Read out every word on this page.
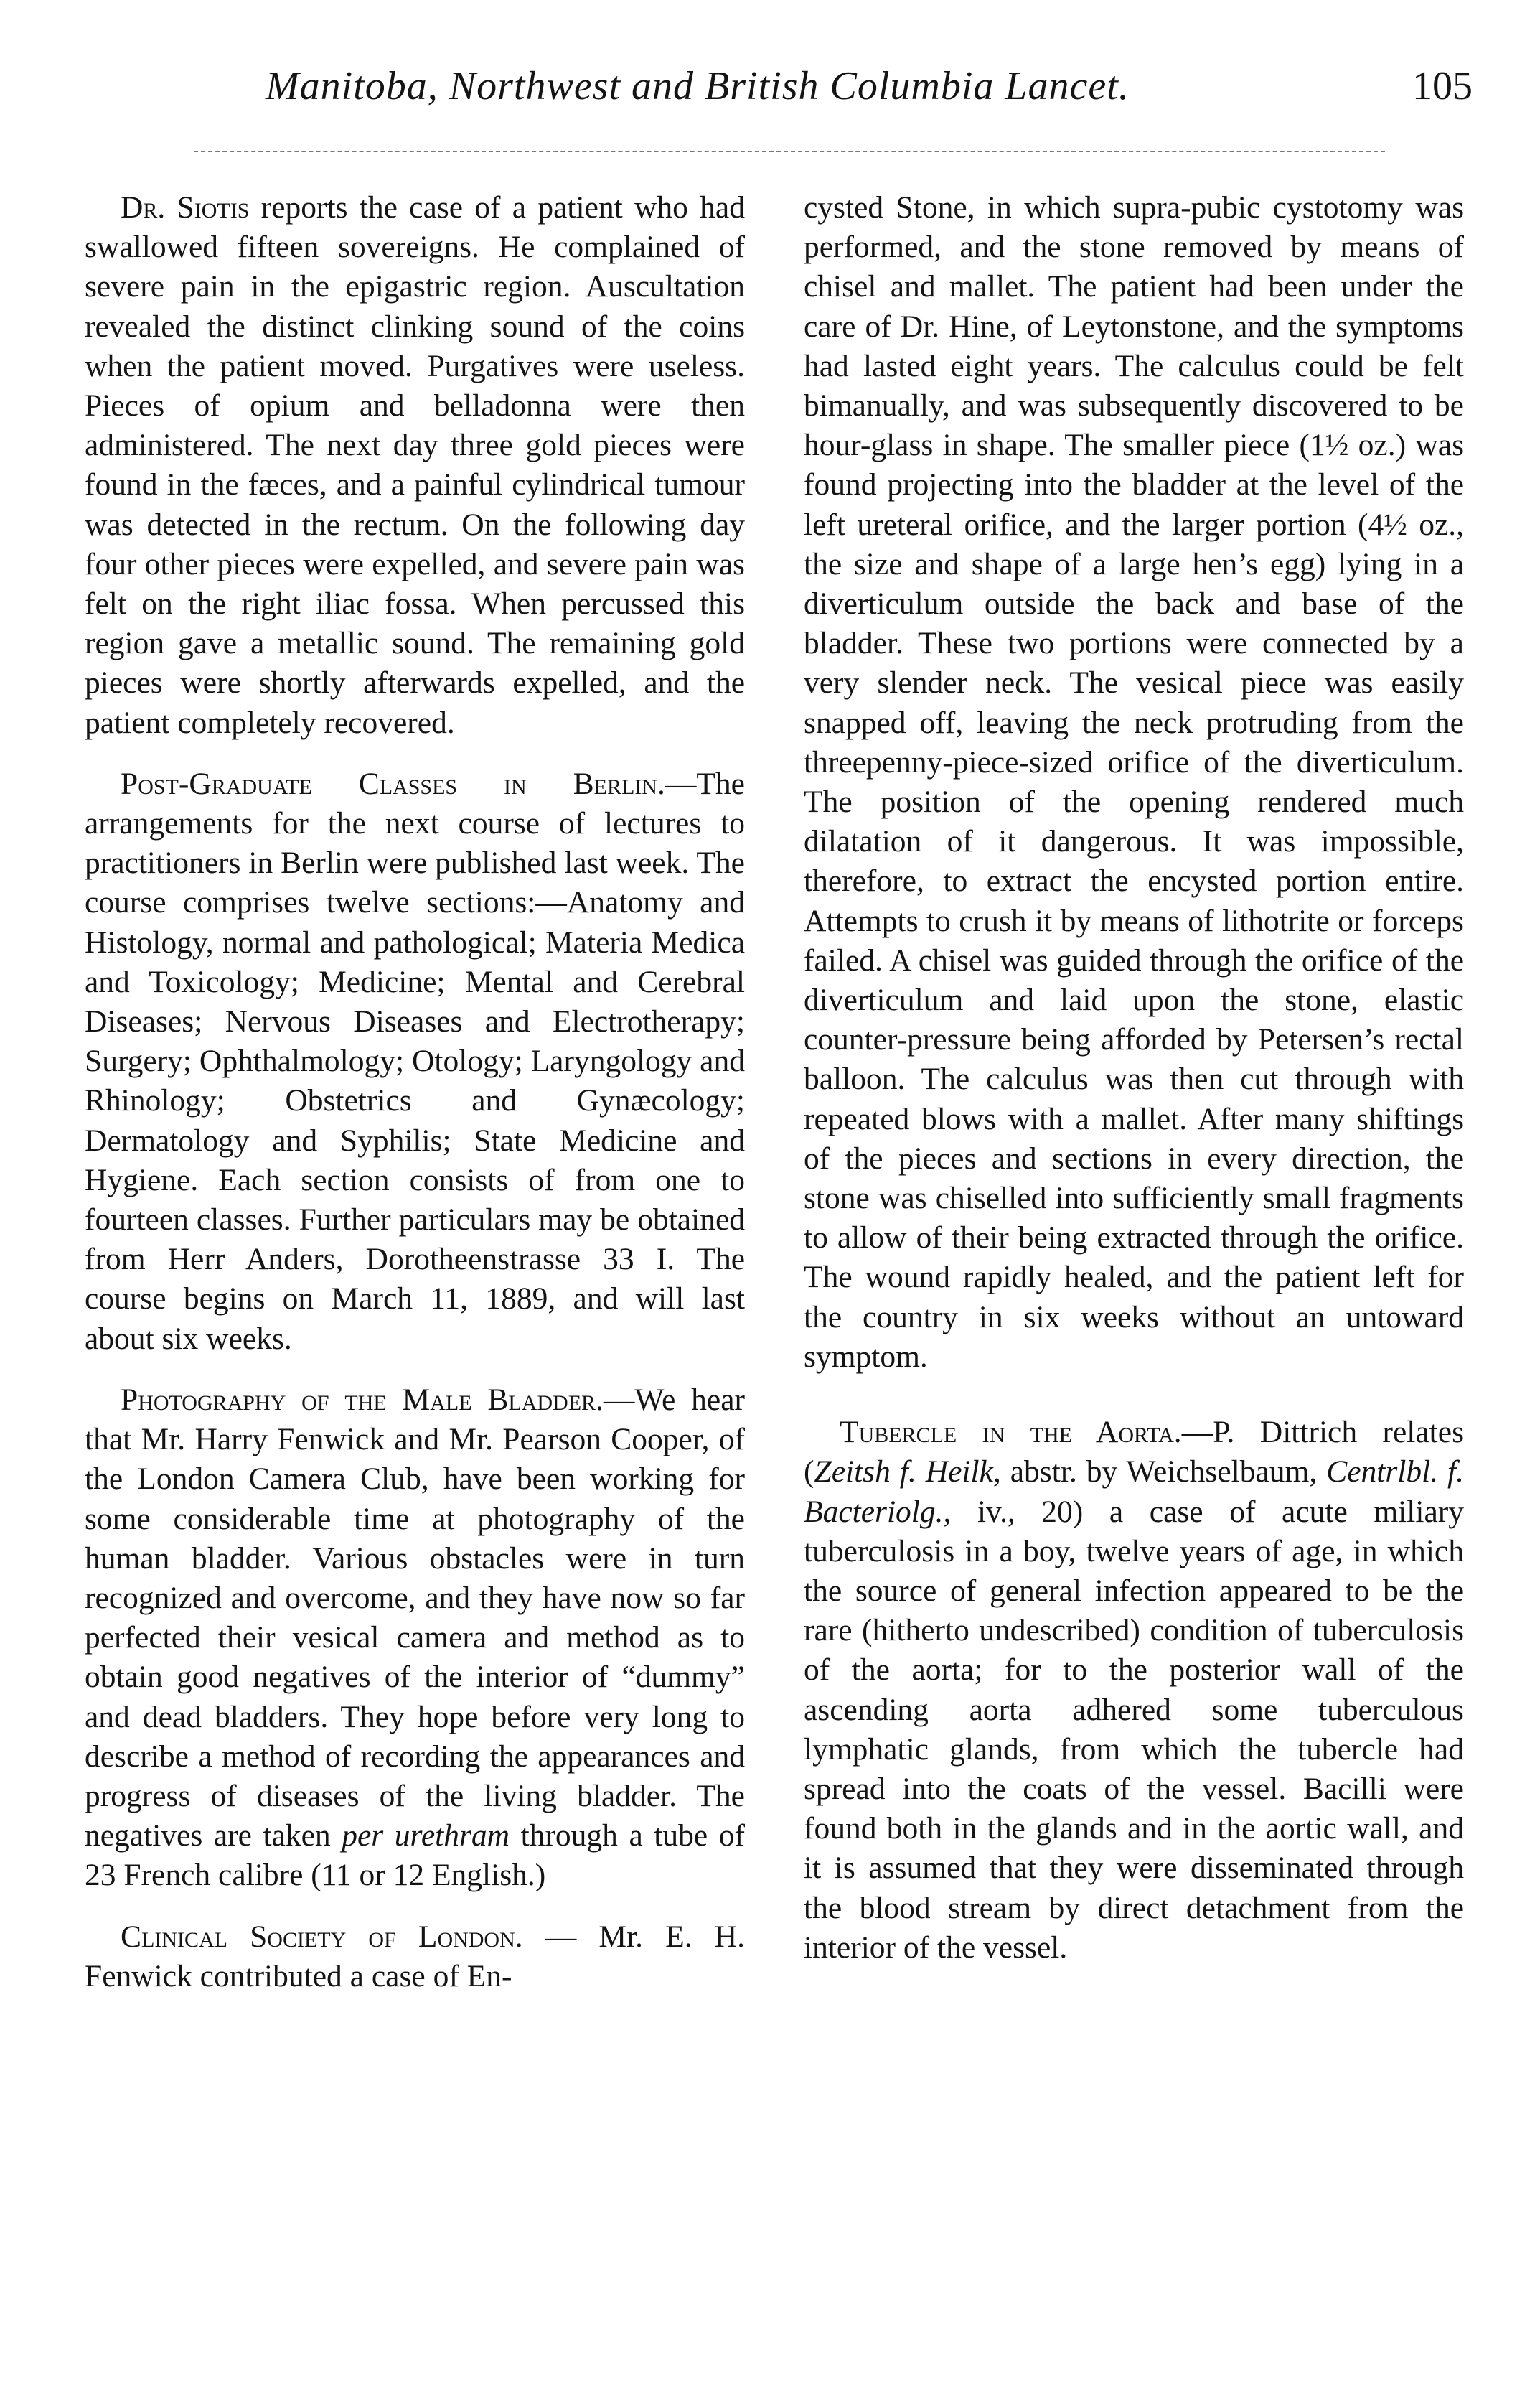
Manitoba, Northwest and British Columbia Lancet.	105

Dr. Siotis reports the case of a patient who had swallowed fifteen sovereigns. He complained of severe pain in the epigastric region. Auscultation revealed the distinct clinking sound of the coins when the patient moved. Purgatives were useless. Pieces of opium and belladonna were then administered. The next day three gold pieces were found in the fæces, and a painful cylindrical tumour was detected in the rectum. On the following day four other pieces were expelled, and severe pain was felt on the right iliac fossa. When percussed this region gave a metallic sound. The remaining gold pieces were shortly afterwards expelled, and the patient completely recovered.

Post-Graduate Classes in Berlin.—The arrangements for the next course of lectures to practitioners in Berlin were published last week. The course comprises twelve sections:—Anatomy and Histology, normal and pathological; Materia Medica and Toxicology; Medicine; Mental and Cerebral Diseases; Nervous Diseases and Electrotherapy; Surgery; Ophthalmology; Otology; Laryngology and Rhinology; Obstetrics and Gynæcology; Dermatology and Syphilis; State Medicine and Hygiene. Each section consists of from one to fourteen classes. Further particulars may be obtained from Herr Anders, Dorotheenstrasse 33 I. The course begins on March 11, 1889, and will last about six weeks.

Photography of the Male Bladder.—We hear that Mr. Harry Fenwick and Mr. Pearson Cooper, of the London Camera Club, have been working for some considerable time at photography of the human bladder. Various obstacles were in turn recognized and overcome, and they have now so far perfected their vesical camera and method as to obtain good negatives of the interior of “dummy” and dead bladders. They hope before very long to describe a method of recording the appearances and progress of diseases of the living bladder. The negatives are taken per urethram through a tube of 23 French calibre (11 or 12 English.)

Clinical Society of London. — Mr. E. H. Fenwick contributed a case of En-

cysted Stone, in which supra-pubic cystotomy was performed, and the stone removed by means of chisel and mallet. The patient had been under the care of Dr. Hine, of Leytonstone, and the symptoms had lasted eight years. The calculus could be felt bimanually, and was subsequently discovered to be hour-glass in shape. The smaller piece (1½ oz.) was found projecting into the bladder at the level of the left ureteral orifice, and the larger portion (4½ oz., the size and shape of a large hen’s egg) lying in a diverticulum outside the back and base of the bladder. These two portions were connected by a very slender neck. The vesical piece was easily snapped off, leaving the neck protruding from the threepenny-piece-sized orifice of the diverticulum. The position of the opening rendered much dilatation of it dangerous. It was impossible, therefore, to extract the encysted portion entire. Attempts to crush it by means of lithotrite or forceps failed. A chisel was guided through the orifice of the diverticulum and laid upon the stone, elastic counter-pressure being afforded by Petersen’s rectal balloon. The calculus was then cut through with repeated blows with a mallet. After many shiftings of the pieces and sections in every direction, the stone was chiselled into sufficiently small fragments to allow of their being extracted through the orifice. The wound rapidly healed, and the patient left for the country in six weeks without an untoward symptom.

Tubercle in the Aorta.—P. Dittrich relates (Zeitsh f. Heilk, abstr. by Weichselbaum, Centrlbl. f. Bacteriolg., iv., 20) a case of acute miliary tuberculosis in a boy, twelve years of age, in which the source of general infection appeared to be the rare (hitherto undescribed) condition of tuberculosis of the aorta; for to the posterior wall of the ascending aorta adhered some tuberculous lymphatic glands, from which the tubercle had spread into the coats of the vessel. Bacilli were found both in the glands and in the aortic wall, and it is assumed that they were disseminated through the blood stream by direct detachment from the interior of the vessel.
